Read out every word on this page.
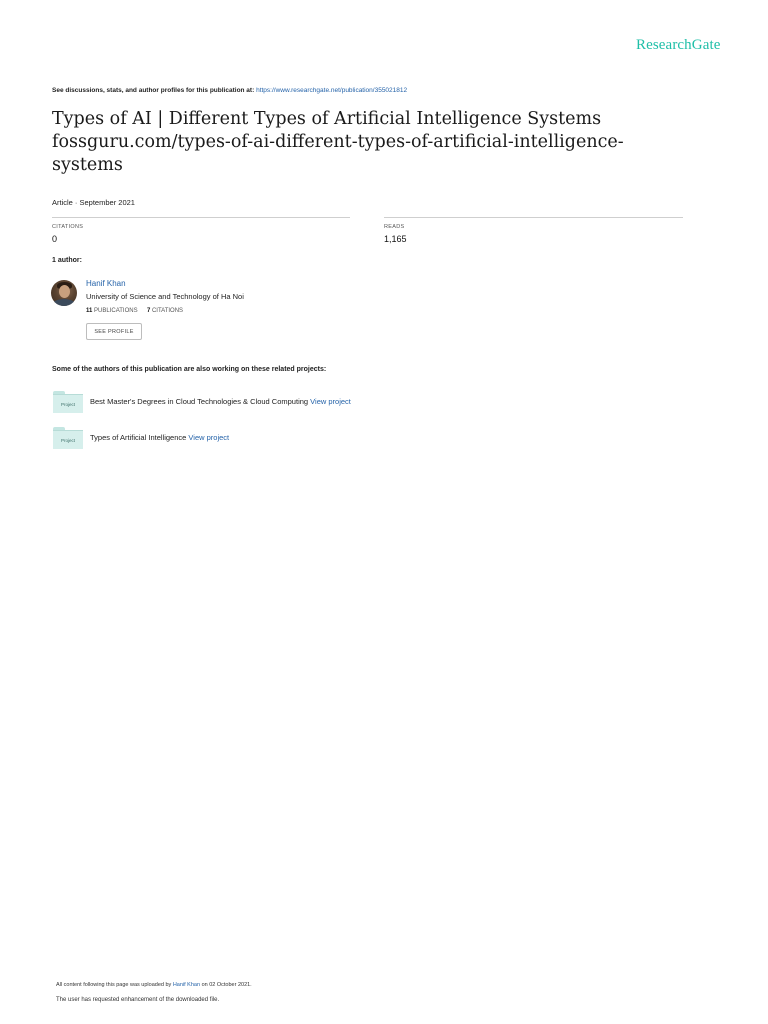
ResearchGate
See discussions, stats, and author profiles for this publication at: https://www.researchgate.net/publication/355021812
Types of AI | Different Types of Artificial Intelligence Systems fossguru.com/types-of-ai-different-types-of-artificial-intelligence-systems
Article · September 2021
CITATIONS
0
READS
1,165
1 author:
Hanif Khan
University of Science and Technology of Ha Noi
11 PUBLICATIONS 7 CITATIONS
SEE PROFILE
Some of the authors of this publication are also working on these related projects:
Project	Best Master's Degrees in Cloud Technologies & Cloud Computing View project
Project	Types of Artificial Intelligence View project
All content following this page was uploaded by Hanif Khan on 02 October 2021.
The user has requested enhancement of the downloaded file.
